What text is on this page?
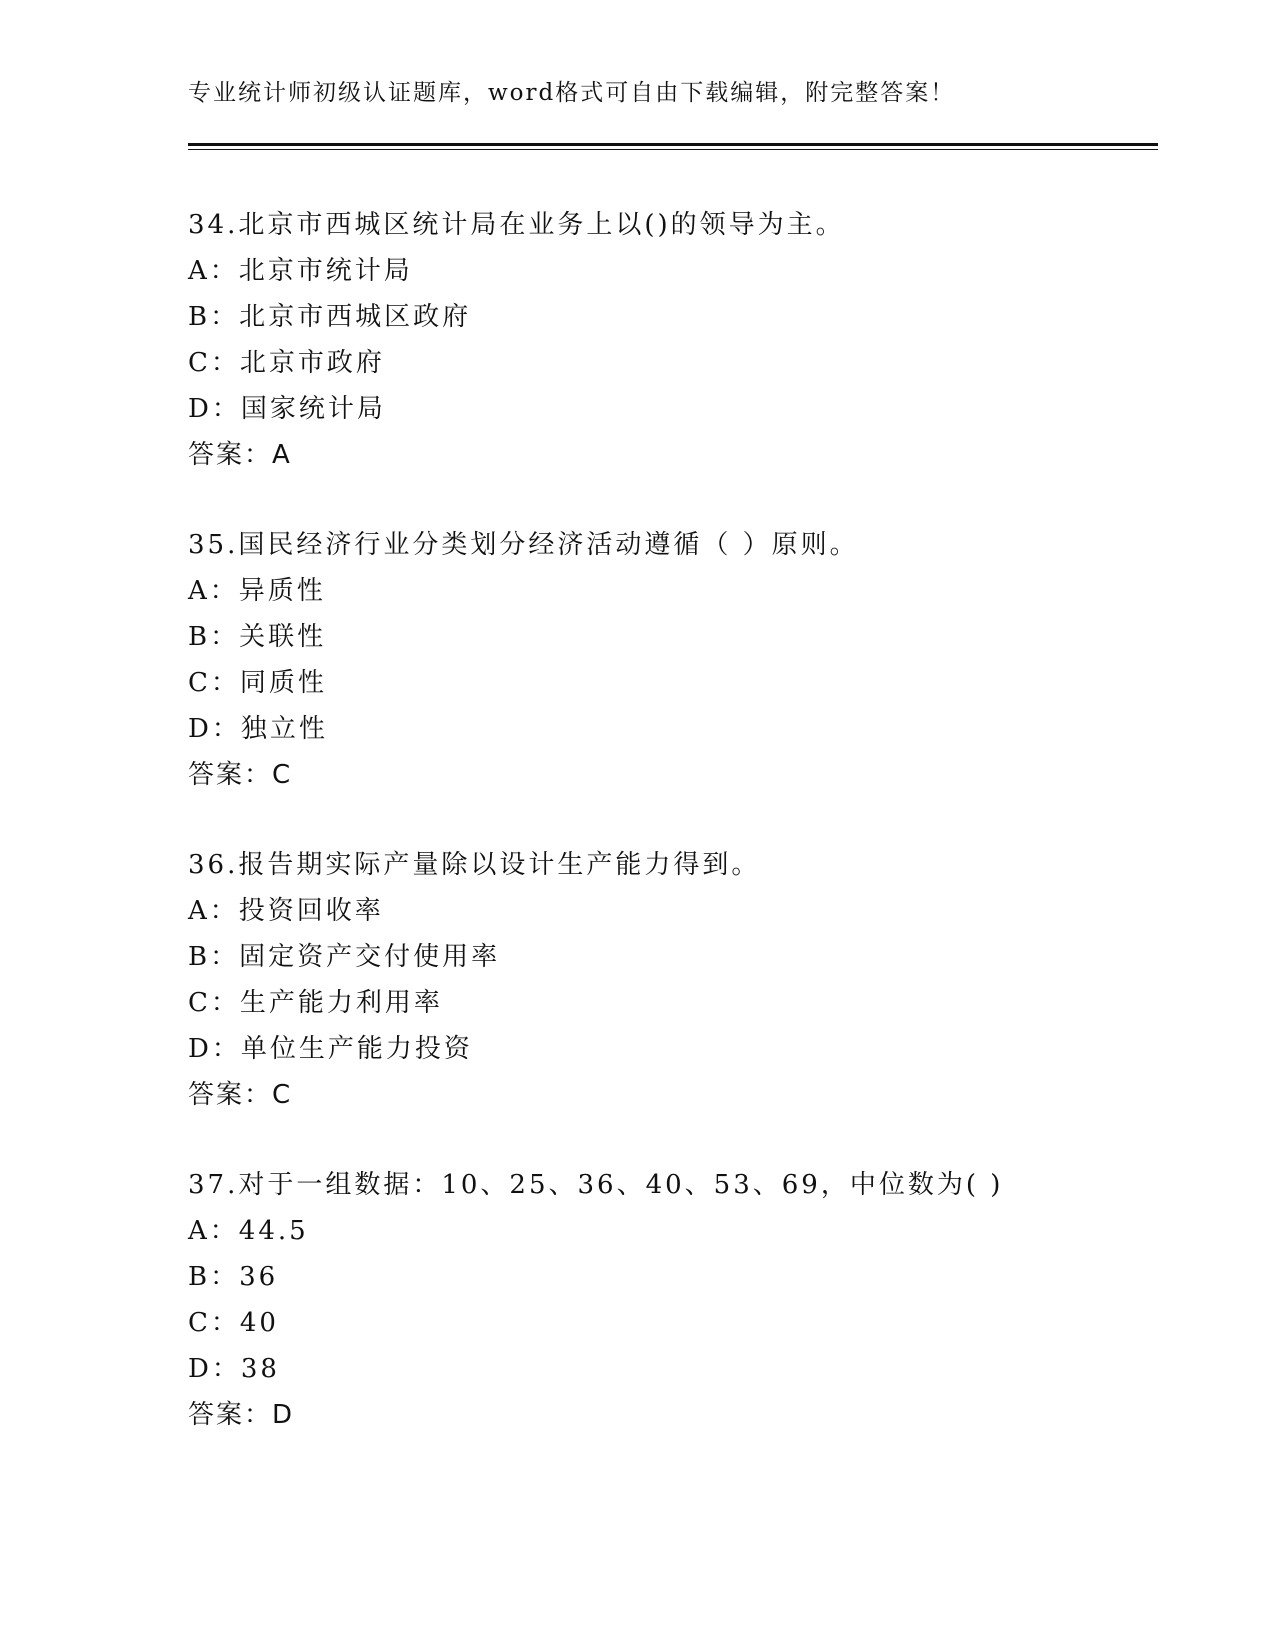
专业统计师初级认证题库，word格式可自由下载编辑，附完整答案！
34.北京市西城区统计局在业务上以()的领导为主。
A：北京市统计局
B：北京市西城区政府
C：北京市政府
D：国家统计局
答案：A
35.国民经济行业分类划分经济活动遵循（ ）原则。
A：异质性
B：关联性
C：同质性
D：独立性
答案：C
36.报告期实际产量除以设计生产能力得到。
A：投资回收率
B：固定资产交付使用率
C：生产能力利用率
D：单位生产能力投资
答案：C
37.对于一组数据：10、25、36、40、53、69，中位数为( )
A：44.5
B：36
C：40
D：38
答案：D
